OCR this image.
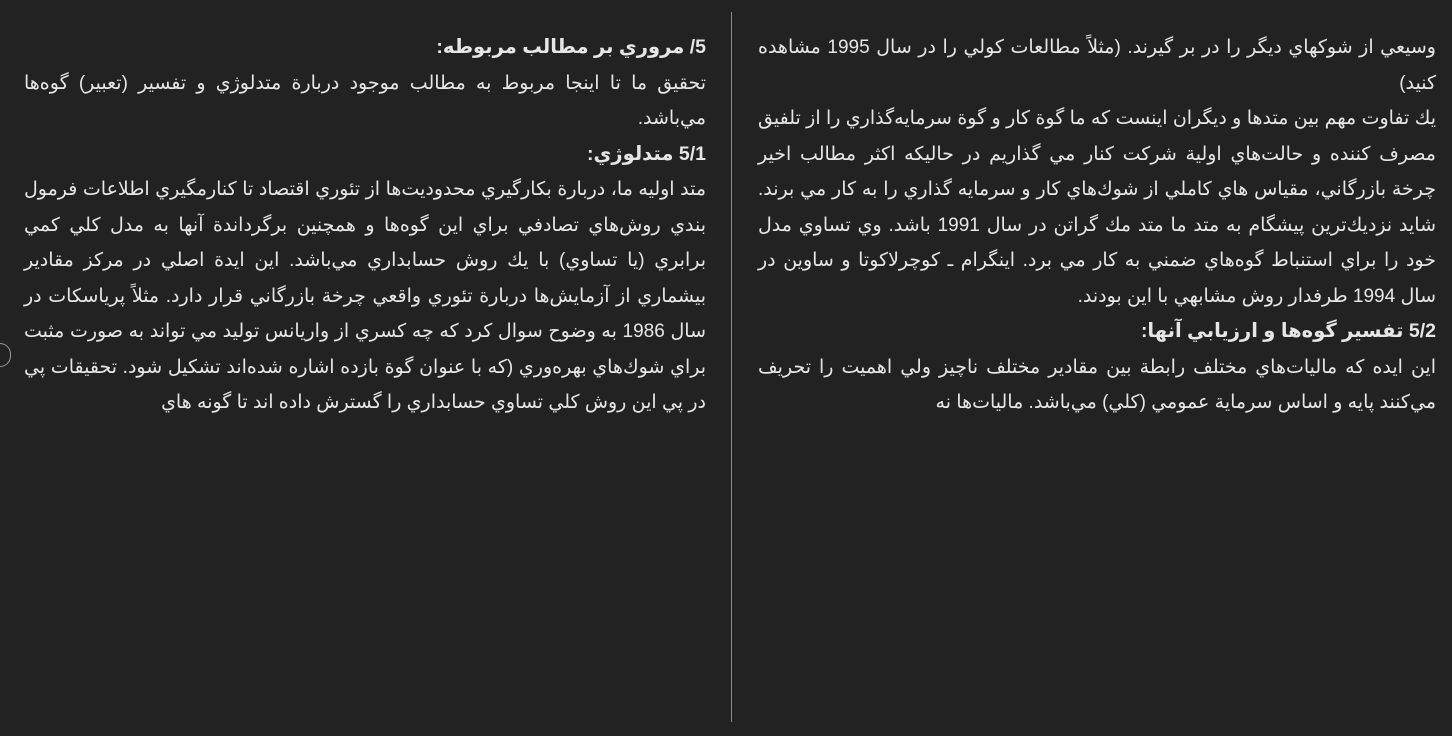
وسيعي از شوكهاي ديگر را در بر گيرند. (مثلاً مطالعات كولي را در سال 1995 مشاهده كنيد)

يك تفاوت مهم بين متدها و ديگران اينست كه ما گوة كار و گوة سرمايه‌گذاري را از تلفيق مصرف كننده و حالت‌هاي اولية شركت كنار مي گذاريم در حاليكه اكثر مطالب اخير چرخة بازرگاني، مقياس هاي كاملي از شوك‌هاي كار و سرمايه گذاري را به كار مي برند. شايد نزديك‌ترين پيشگام به متد ما متد مك گراتن در سال 1991 باشد. وي تساوي مدل خود را براي استنباط گوه‌هاي ضمني به كار مي برد. اينگرام ـ كوچرلاكوتا و ساوين در سال 1994 طرفدار روش مشابهي با اين بودند.

5/2 تفسير گوه‌ها و ارزيابي آنها:

اين ايده كه ماليات‌هاي مختلف رابطة بين مقادير مختلف ناچيز ولي اهميت را تحريف مي‌كنند پايه و اساس سرماية عمومي (كلي) مي‌باشد. ماليات‌ها نه

5/ مروري بر مطالب مربوطه:

تحقيق ما تا اينجا مربوط به مطالب موجود دربارة متدلوژي و تفسير (تعبير) گوه‌ها مي‌باشد.

5/1 متدلوژي:

متد اوليه ما، دربارة بكارگيري محدوديت‌ها از تئوري اقتصاد تا كنارمگيري اطلاعات فرمول بندي روش‌هاي تصادفي براي اين گوه‌ها و همچنين برگرداندة آنها به مدل كلي كمي برابري (يا تساوي) با يك روش حسابداري مي‌باشد. اين ايدة اصلي در مركز مقادير بيشماري از آزمايش‌ها دربارة تئوري واقعي چرخة بازرگاني قرار دارد. مثلاً پرياسكات در سال 1986 به وضوح سوال كرد كه چه كسري از واريانس توليد مي تواند به صورت مثبت براي شوك‌هاي بهره‌وري (كه با عنوان گوة بازده اشاره شده‌اند تشكيل شود. تحقيقات پي در پي اين روش كلي تساوي حسابداري را گسترش داده اند تا گونه هاي
